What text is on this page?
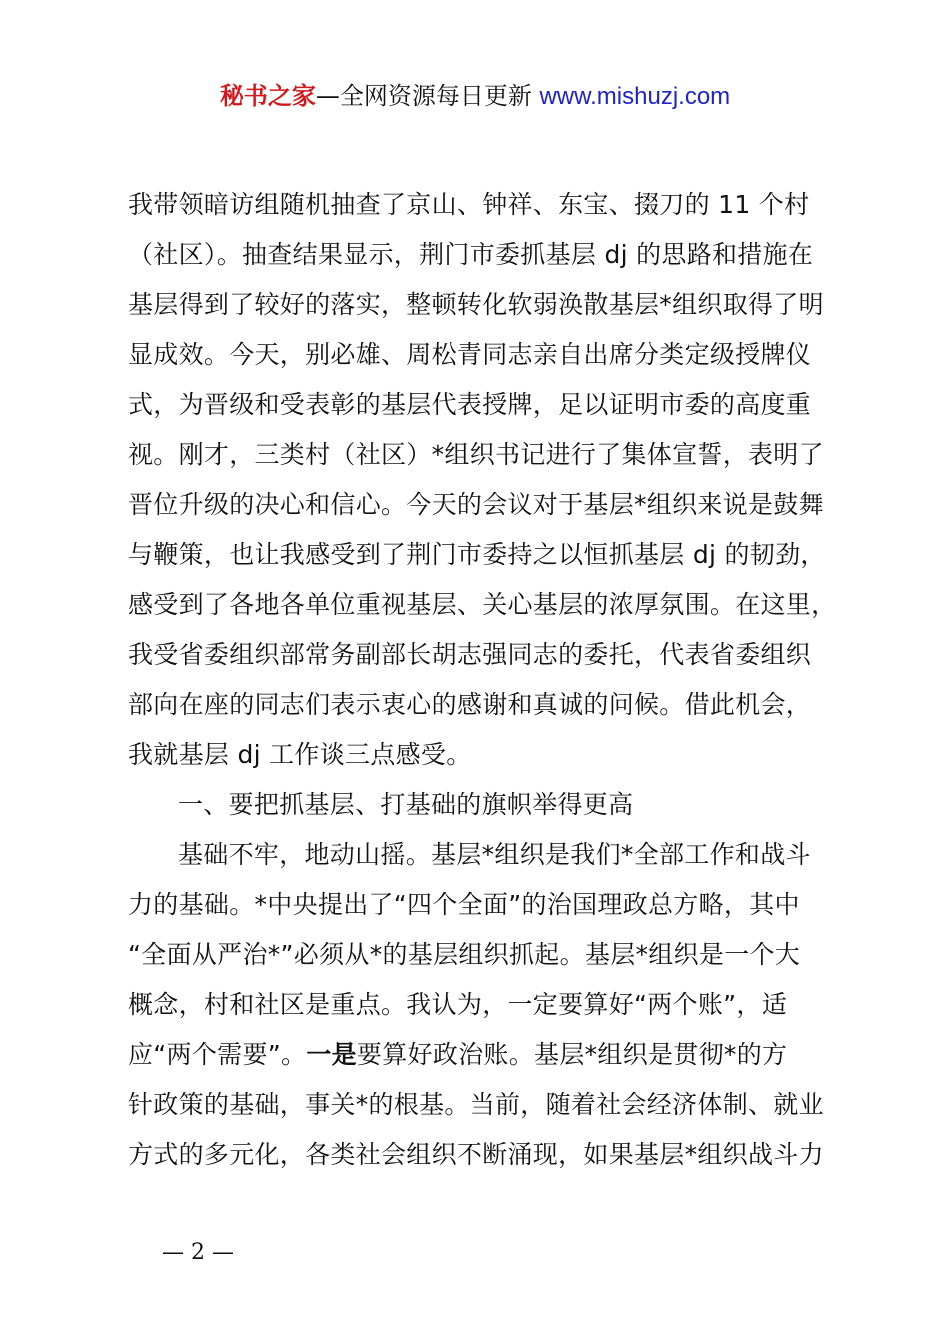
秘书之家—全网资源每日更新 www.mishuzj.com
我带领暗访组随机抽查了京山、钟祥、东宝、掇刀的 11 个村
（社区）。抽查结果显示，荆门市委抓基层 dj 的思路和措施在
基层得到了较好的落实，整顿转化软弱涣散基层*组织取得了明
显成效。今天，别必雄、周松青同志亲自出席分类定级授牌仪
式，为晋级和受表彰的基层代表授牌，足以证明市委的高度重
视。刚才，三类村（社区）*组织书记进行了集体宣誓，表明了
晋位升级的决心和信心。今天的会议对于基层*组织来说是鼓舞
与鞭策，也让我感受到了荆门市委持之以恒抓基层 dj 的韧劲，
感受到了各地各单位重视基层、关心基层的浓厚氛围。在这里，
我受省委组织部常务副部长胡志强同志的委托，代表省委组织
部向在座的同志们表示衷心的感谢和真诚的问候。借此机会，
我就基层 dj 工作谈三点感受。
一、要把抓基层、打基础的旗帜举得更高
基础不牢，地动山摇。基层*组织是我们*全部工作和战斗
力的基础。*中央提出了“四个全面”的治国理政总方略，其中
“全面从严治*”必须从*的基层组织抓起。基层*组织是一个大
概念，村和社区是重点。我认为，一定要算好“两个账”，适
应“两个需要”。一是要算好政治账。基层*组织是贯彻*的方
针政策的基础，事关*的根基。当前，随着社会经济体制、就业
方式的多元化，各类社会组织不断涌现，如果基层*组织战斗力
— 2 —
